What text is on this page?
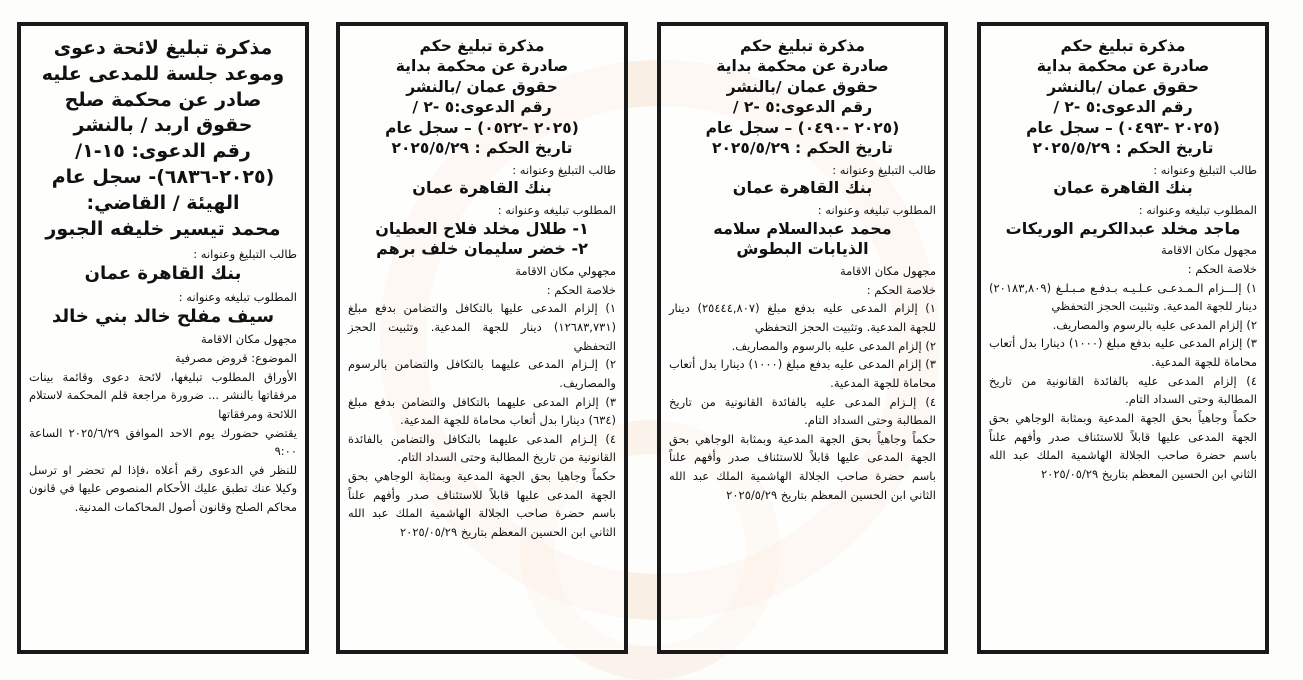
مذكرة تبليغ لائحة دعوى
وموعد جلسة للمدعى عليه
صادر عن محكمة صلح
حقوق اربد / بالنشر
رقم الدعوى: ١٥-١/
(٢٠٢٥-٦٨٣٦)- سجل عام
الهيئة / القاضي:
محمد تيسير خليفه الجبور
طالب التبليغ وعنوانه :
بنك القاهرة عمان
المطلوب تبليغه وعنوانه :
سيف مفلح خالد بني خالد

مجهول مكان الاقامة

الموضوع: قروض مصرفية

الأوراق المطلوب تبليغها، لائحة دعوى وقائمة بينات مرفقاتها بالنشر ... ضرورة مراجعة قلم المحكمة لاستلام اللائحة ومرفقاتها

يقتضي حضورك يوم الاحد الموافق ٢٠٢٥/٦/٢٩ الساعة ٩:٠٠

للنظر في الدعوى رقم أعلاه ،فإذا لم تحضر او ترسل وكيلا عنك تطبق عليك الأحكام المنصوص عليها في قانون محاكم الصلح وقانون أصول المحاكمات المدنية.

مذكرة تبليغ حكم
صادرة عن محكمة بداية
حقوق عمان /بالنشر
رقم الدعوى:٥ -٢ /
(٢٠٢٥ -٠٥٢٢) – سجل عام
تاريخ الحكم : ٢٠٢٥/٥/٢٩
طالب التبليغ وعنوانه :
بنك القاهرة عمان
المطلوب تبليغه وعنوانه :
١- طلال مخلد فلاح العطيان
٢- خضر سليمان خلف برهم

مجهولي مكان الاقامة

خلاصة الحكم :

١) إلزام المدعى عليها بالتكافل والتضامن بدفع مبلغ (١٢٦٨٣,٧٣١) دينار للجهة المدعية. وتثبيت الحجز التحفظي

٢) إلـزام المدعى عليهما بالتكافل والتضامن بالرسوم والمصاريف.

٣) إلزام المدعى عليهما بالتكافل والتضامن بدفع مبلغ (٦٣٤) دينارا بدل أتعاب محاماة للجهة المدعية.

٤) إلـزام المدعى عليهما بالتكافل والتضامن بالفائدة القانونية من تاريخ المطالبة وحتى السداد التام.

حكماً وجاهيا بحق الجهة المدعية وبمثابة الوجاهي بحق الجهة المدعى عليها قابلاً للاستئناف صدر وأفهم علناً باسم حضرة صاحب الجلالة الهاشمية الملك عبد الله الثاني ابن الحسين المعظم بتاريخ ٢٠٢٥/٠٥/٢٩

مذكرة تبليغ حكم
صادرة عن محكمة بداية
حقوق عمان /بالنشر
رقم الدعوى:٥ -٢ /
(٢٠٢٥ -٠٤٩٠) – سجل عام
تاريخ الحكم : ٢٠٢٥/٥/٢٩
طالب التبليغ وعنوانه :
بنك القاهرة عمان
المطلوب تبليغه وعنوانه :
محمد عبدالسلام سلامه
الذيابات البطوش

مجهول مكان الاقامة

خلاصة الحكم :

١) إلزام المدعى عليه بدفع مبلغ (٢٥٤٤٤,٨٠٧) دينار للجهة المدعية. وتثبيت الحجز التحفظي

٢) إلزام المدعى عليه بالرسوم والمصاريف.

٣) إلزام المدعى عليه بدفع مبلغ (١٠٠٠) دينارا بدل أتعاب محاماة للجهة المدعية.

٤) إلـزام المدعى عليه بالفائدة القانونية من تاريخ المطالبة وحتى السداد التام.

حكماً وجاهياً بحق الجهة المدعية وبمثابة الوجاهي بحق الجهة المدعى عليها قابلاً للاستئناف صدر وأفهم علناً باسم حضرة صاحب الجلالة الهاشمية الملك عبد الله الثاني ابن الحسين المعظم بتاريخ ٢٠٢٥/٥/٢٩

مذكرة تبليغ حكم
صادرة عن محكمة بداية
حقوق عمان /بالنشر
رقم الدعوى:٥ -٢ /
(٢٠٢٥ -٠٤٩٣) – سجل عام
تاريخ الحكم : ٢٠٢٥/٥/٢٩
طالب التبليغ وعنوانه :
بنك القاهرة عمان
المطلوب تبليغه وعنوانه :
ماجد مخلد عبدالكريم الوريكات

مجهول مكان الاقامة

خلاصة الحكم :

١) إلـــزام الـمـدعـى عـلـيـه بـدفـع مـبـلـغ (٢٠١٨٣,٨٠٩) دينار للجهة المدعية. وتثبيت الحجز التحفظي

٢) إلزام المدعى عليه بالرسوم والمصاريف.

٣) إلزام المدعى عليه بدفع مبلغ (١٠٠٠) دينارا بدل أتعاب محاماة للجهة المدعية.

٤) إلزام المدعى عليه بالفائدة القانونية من تاريخ المطالبة وحتى السداد التام.

حكماً وجاهياً بحق الجهة المدعية وبمثابة الوجاهي بحق الجهة المدعى عليها قابلاً للاستئناف صدر وأفهم علناً باسم حضرة صاحب الجلالة الهاشمية الملك عبد الله الثاني ابن الحسين المعظم بتاريخ ٢٠٢٥/٠٥/٢٩
